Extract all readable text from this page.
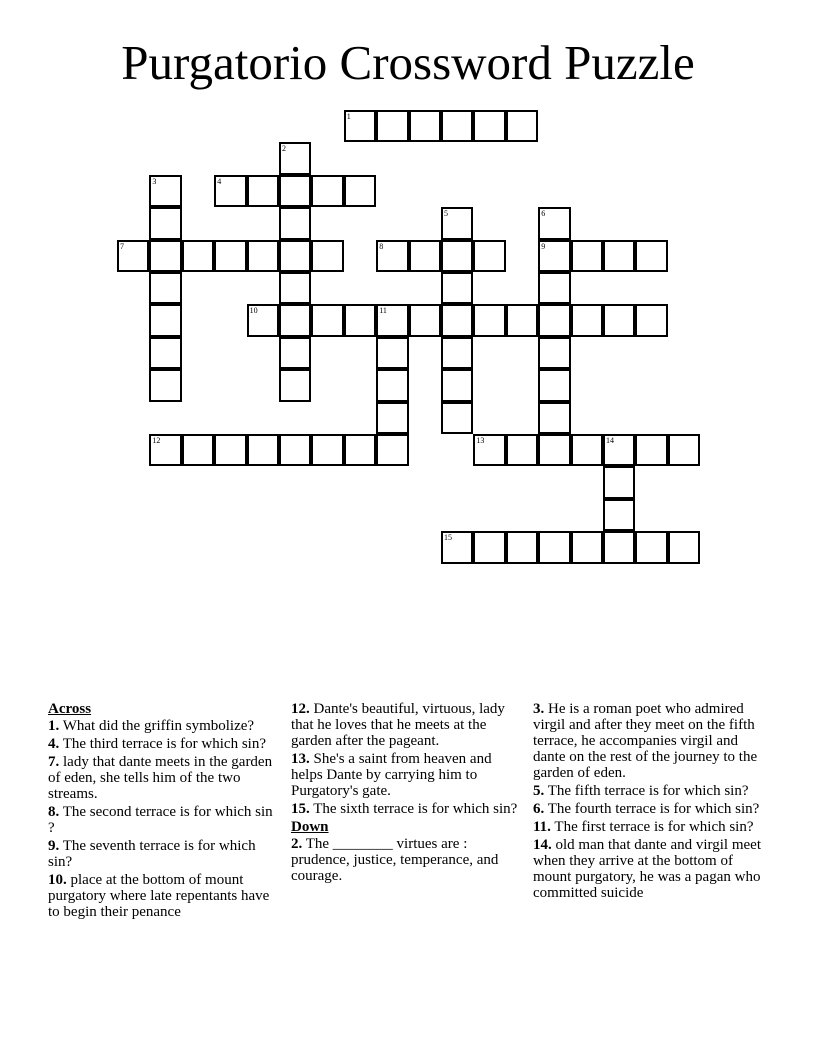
Purgatorio Crossword Puzzle
1
4
7	8	9
10	11
12	13	14
15
2
3
5	6
Across

1. What did the griffin symbolize?

4. The third terrace is for which sin?

7. lady that dante meets in the garden of eden, she tells him of the two streams.

8. The second terrace is for which sin ?

9. The seventh terrace is for which sin?

10. place at the bottom of mount purgatory where late repentants have to begin their penance

12. Dante's beautiful, virtuous, lady that he loves that he meets at the garden after the pageant.

13. She's a saint from heaven and helps Dante by carrying him to Purgatory's gate.

15. The sixth terrace is for which sin?

Down

2. The ________ virtues are : prudence, justice, temperance, and courage.

3. He is a roman poet who admired virgil and after they meet on the fifth terrace, he accompanies virgil and dante on the rest of the journey to the garden of eden.

5. The fifth terrace is for which sin?

6. The fourth terrace is for which sin?

11. The first terrace is for which sin?

14. old man that dante and virgil meet when they arrive at the bottom of mount purgatory, he was a pagan who committed suicide
